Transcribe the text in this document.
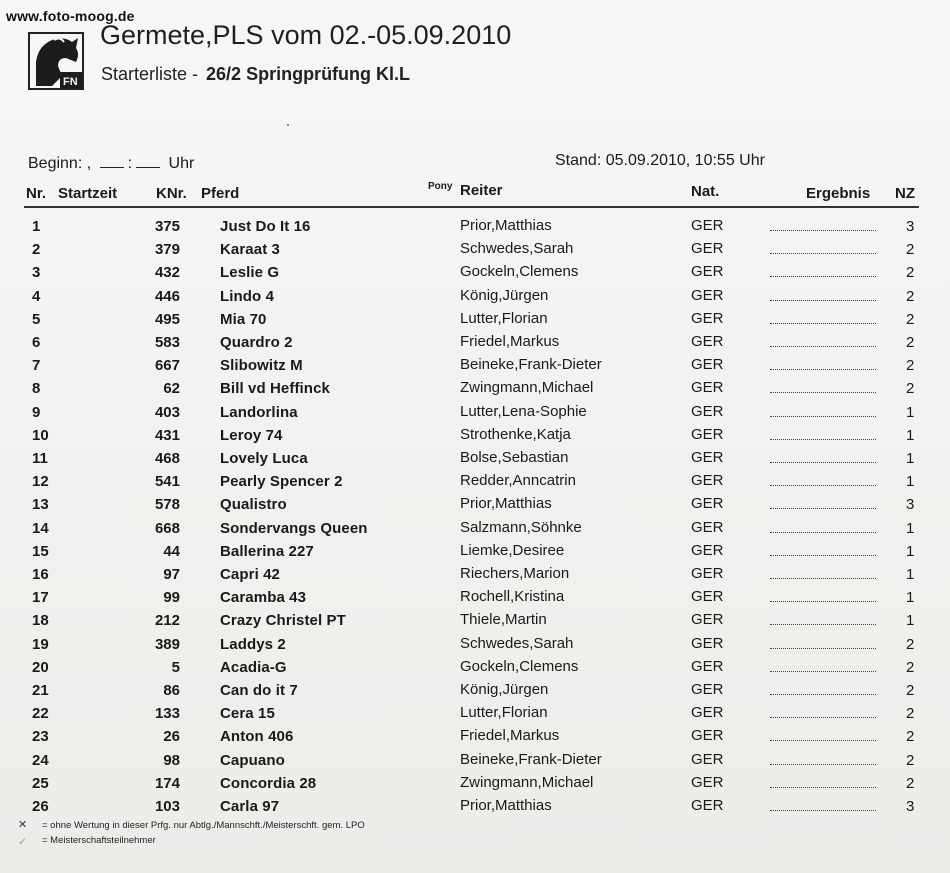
www.foto-moog.de
FN
Germete,PLS vom 02.-05.09.2010
Starterliste - 26/2 Springprüfung Kl.L
Beginn: , : Uhr	Stand: 05.09.2010, 10:55 Uhr
Nr. Startzeit	KNr. Pferd	Pony Reiter	Nat.	Ergebnis NZ
1	375	Just Do It 16	Prior,Matthias	GER	3
2	379	Karaat 3	Schwedes,Sarah	GER	2
3	432	Leslie G	Gockeln,Clemens	GER	2
4	446	Lindo 4	König,Jürgen	GER	2
5	495	Mia 70	Lutter,Florian	GER	2
6	583	Quardro 2	Friedel,Markus	GER	2
7	667	Slibowitz M	Beineke,Frank-Dieter	GER	2
8	62	Bill vd Heffinck	Zwingmann,Michael	GER	2
9	403	Landorlina	Lutter,Lena-Sophie	GER	1
10	431	Leroy 74	Strothenke,Katja	GER	1
11	468	Lovely Luca	Bolse,Sebastian	GER	1
12	541	Pearly Spencer 2	Redder,Anncatrin	GER	1
13	578	Qualistro	Prior,Matthias	GER	3
14	668	Sondervangs Queen	Salzmann,Söhnke	GER	1
15	44	Ballerina 227	Liemke,Desiree	GER	1
16	97	Capri 42	Riechers,Marion	GER	1
17	99	Caramba 43	Rochell,Kristina	GER	1
18	212	Crazy Christel PT	Thiele,Martin	GER	1
19	389	Laddys 2	Schwedes,Sarah	GER	2
20	5	Acadia-G	Gockeln,Clemens	GER	2
21	86	Can do it 7	König,Jürgen	GER	2
22	133	Cera 15	Lutter,Florian	GER	2
23	26	Anton 406	Friedel,Markus	GER	2
24	98	Capuano	Beineke,Frank-Dieter	GER	2
25	174	Concordia 28	Zwingmann,Michael	GER	2
26	103	Carla 97	Prior,Matthias	GER	3
✕ = ohne Wertung in dieser Prfg. nur Abtlg./Mannschft./Meisterschft. gem. LPO
✓ = Meisterschaftsteilnehmer
